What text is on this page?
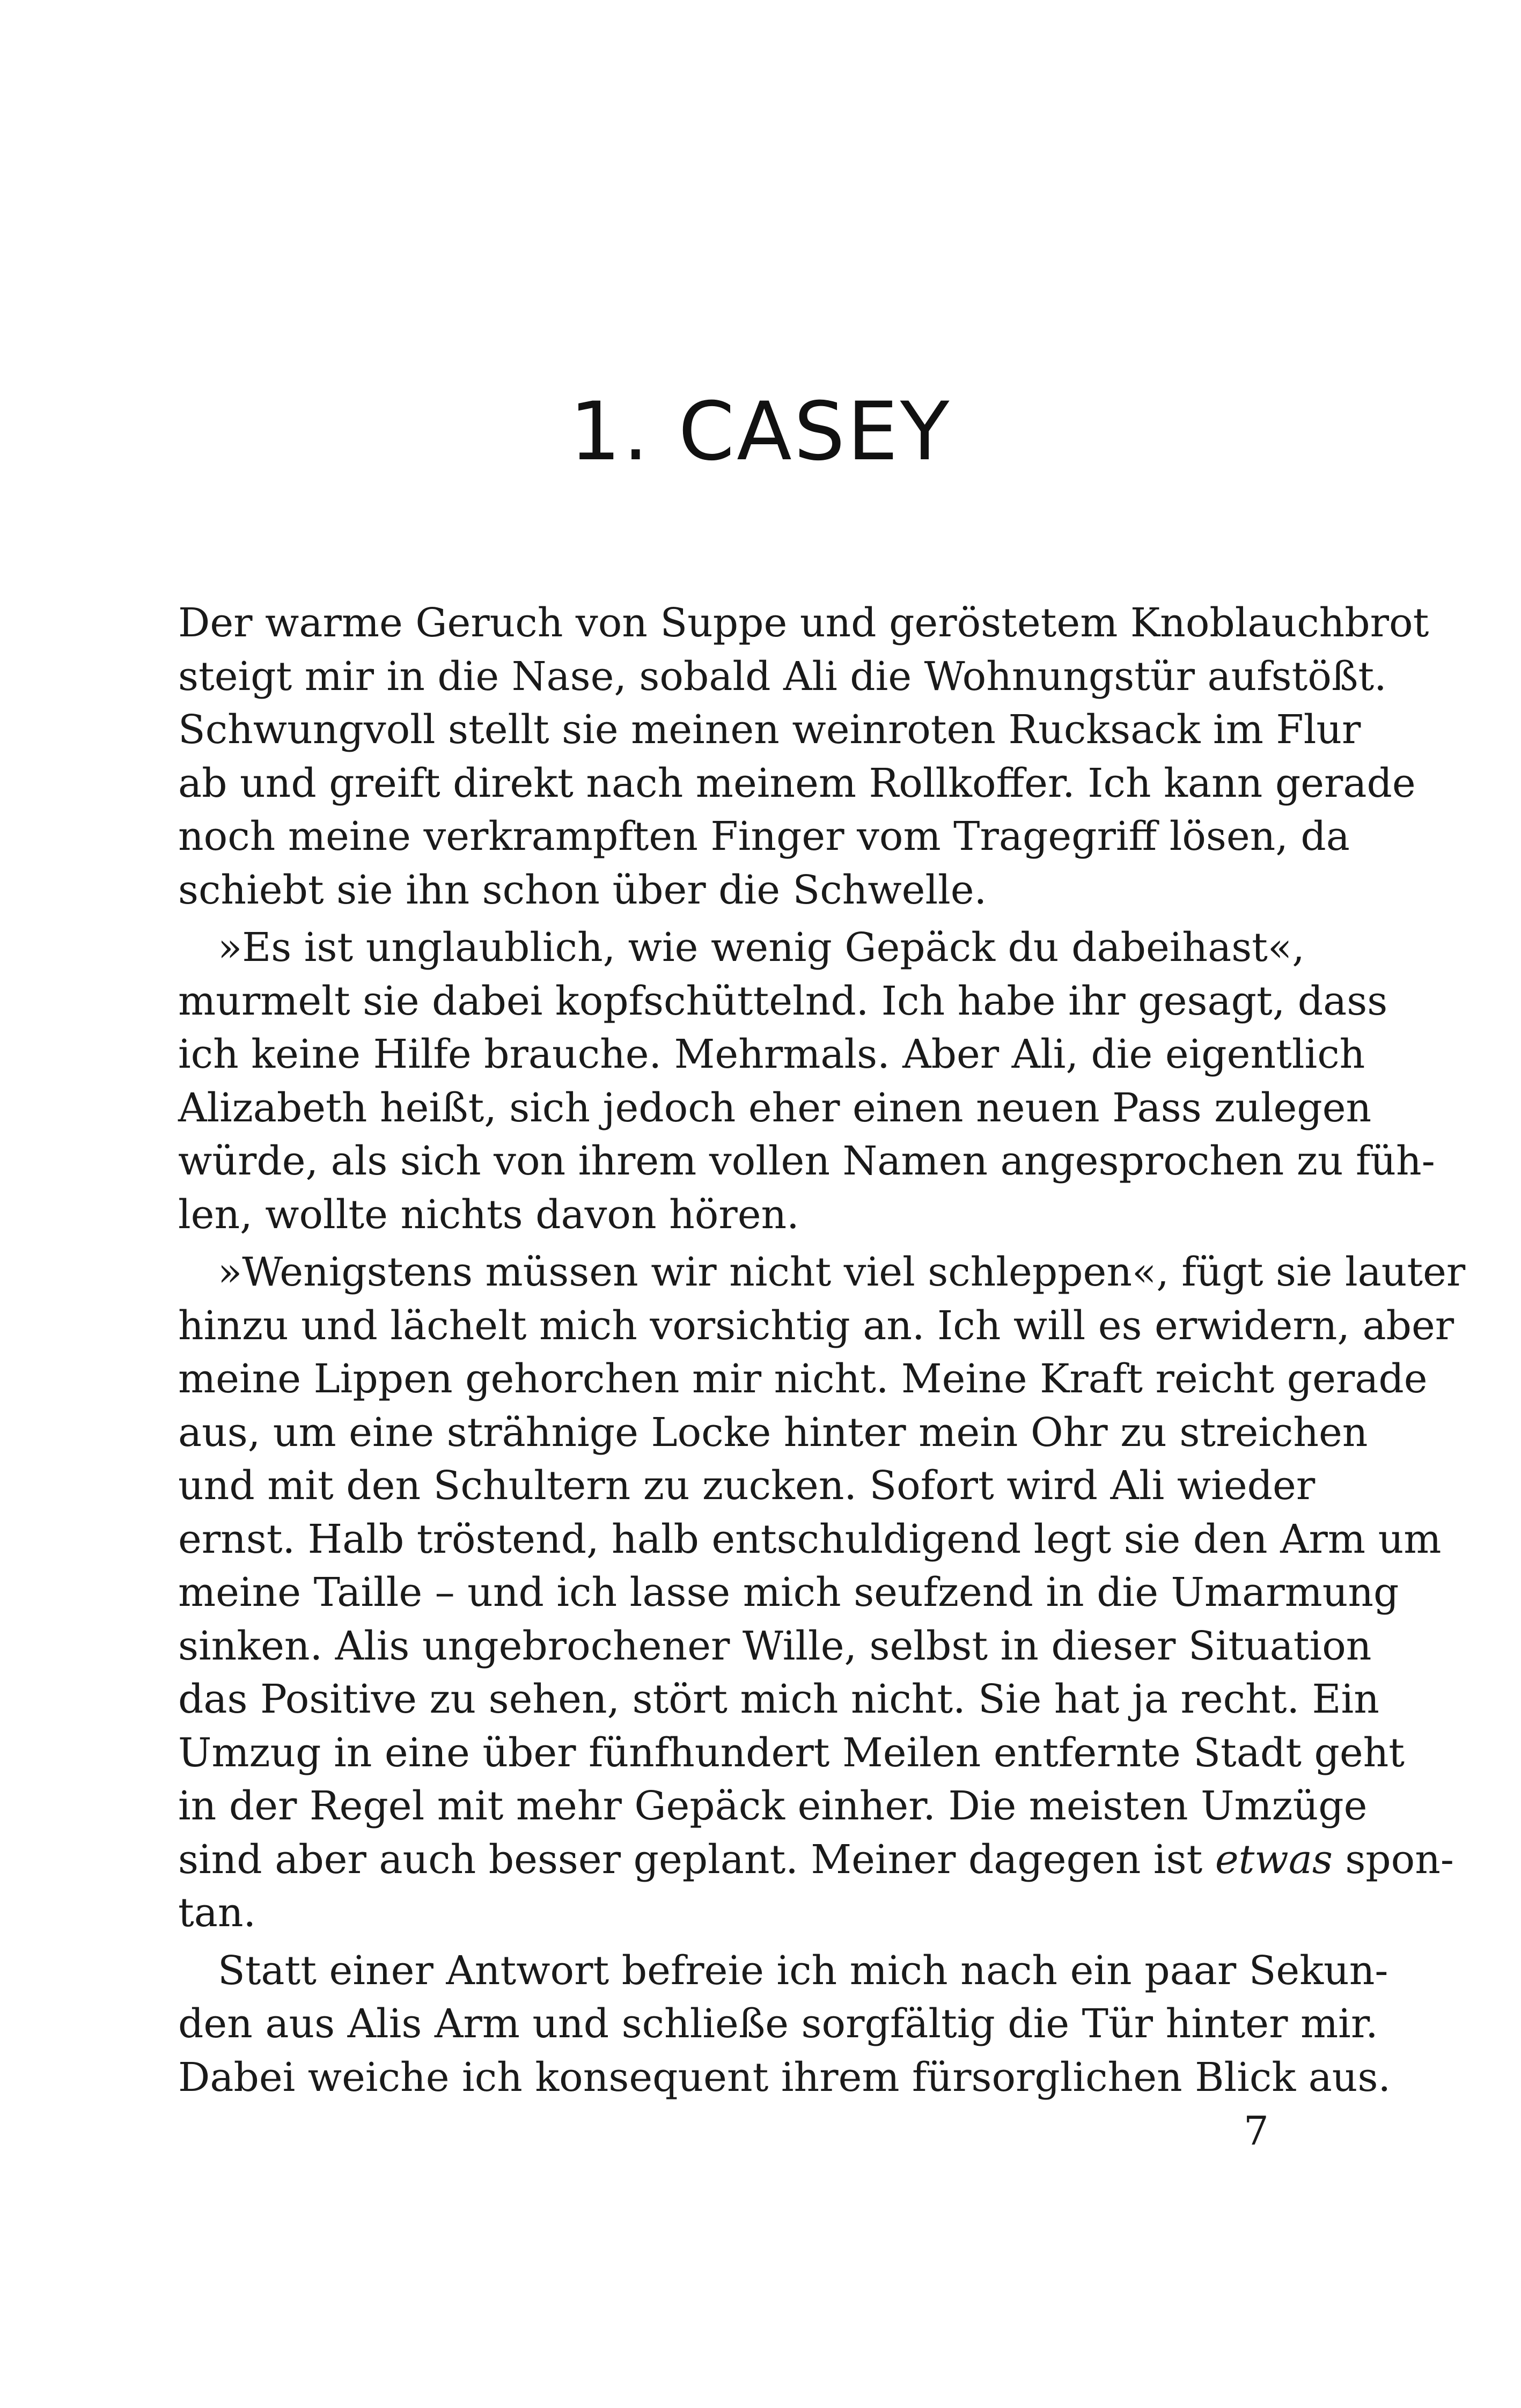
1. CASEY
Der warme Geruch von Suppe und geröstetem Knoblauchbrot
steigt mir in die Nase, sobald Ali die Wohnungstür aufstößt.
Schwungvoll stellt sie meinen weinroten Rucksack im Flur
ab und greift direkt nach meinem Rollkoffer. Ich kann gerade
noch meine verkrampften Finger vom Tragegriff lösen, da
schiebt sie ihn schon über die Schwelle.
»Es ist unglaublich, wie wenig Gepäck du dabeihast«,
murmelt sie dabei kopfschüttelnd. Ich habe ihr gesagt, dass
ich keine Hilfe brauche. Mehrmals. Aber Ali, die eigentlich
Alizabeth heißt, sich jedoch eher einen neuen Pass zulegen
würde, als sich von ihrem vollen Namen angesprochen zu füh-
len, wollte nichts davon hören.
»Wenigstens müssen wir nicht viel schleppen«, fügt sie lauter
hinzu und lächelt mich vorsichtig an. Ich will es erwidern, aber
meine Lippen gehorchen mir nicht. Meine Kraft reicht gerade
aus, um eine strähnige Locke hinter mein Ohr zu streichen
und mit den Schultern zu zucken. Sofort wird Ali wieder
ernst. Halb tröstend, halb entschuldigend legt sie den Arm um
meine Taille – und ich lasse mich seufzend in die Umarmung
sinken. Alis ungebrochener Wille, selbst in dieser Situation
das Positive zu sehen, stört mich nicht. Sie hat ja recht. Ein
Umzug in eine über fünfhundert Meilen entfernte Stadt geht
in der Regel mit mehr Gepäck einher. Die meisten Umzüge
sind aber auch besser geplant. Meiner dagegen ist etwas spon-
tan.
Statt einer Antwort befreie ich mich nach ein paar Sekun-
den aus Alis Arm und schließe sorgfältig die Tür hinter mir.
Dabei weiche ich konsequent ihrem fürsorglichen Blick aus.
7
